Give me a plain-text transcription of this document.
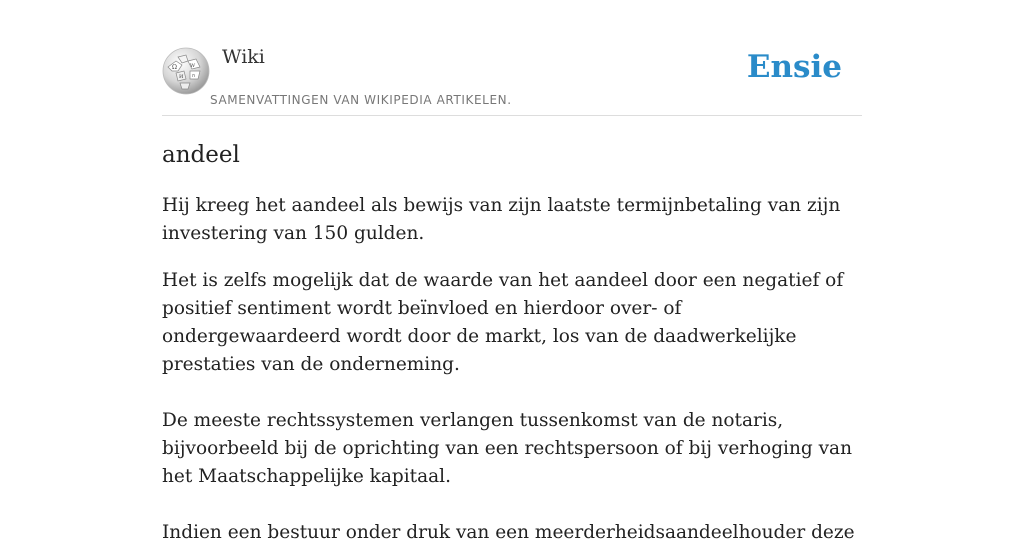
Ω	W
И ก
Wiki
SAMENVATTINGEN VAN WIKIPEDIA ARTIKELEN.
Ensie
andeel

Hij kreeg het aandeel als bewijs van zijn laatste termijnbetaling van zijn investering van 150 gulden.

Het is zelfs mogelijk dat de waarde van het aandeel door een negatief of positief sentiment wordt beïnvloed en hierdoor over- of ondergewaardeerd wordt door de markt, los van de daadwerkelijke prestaties van de onderneming.

De meeste rechtssystemen verlangen tussenkomst van de notaris, bijvoorbeeld bij de oprichting van een rechtspersoon of bij verhoging van het Maatschappelijke kapitaal.

Indien een bestuur onder druk van een meerderheidsaandeelhouder deze
